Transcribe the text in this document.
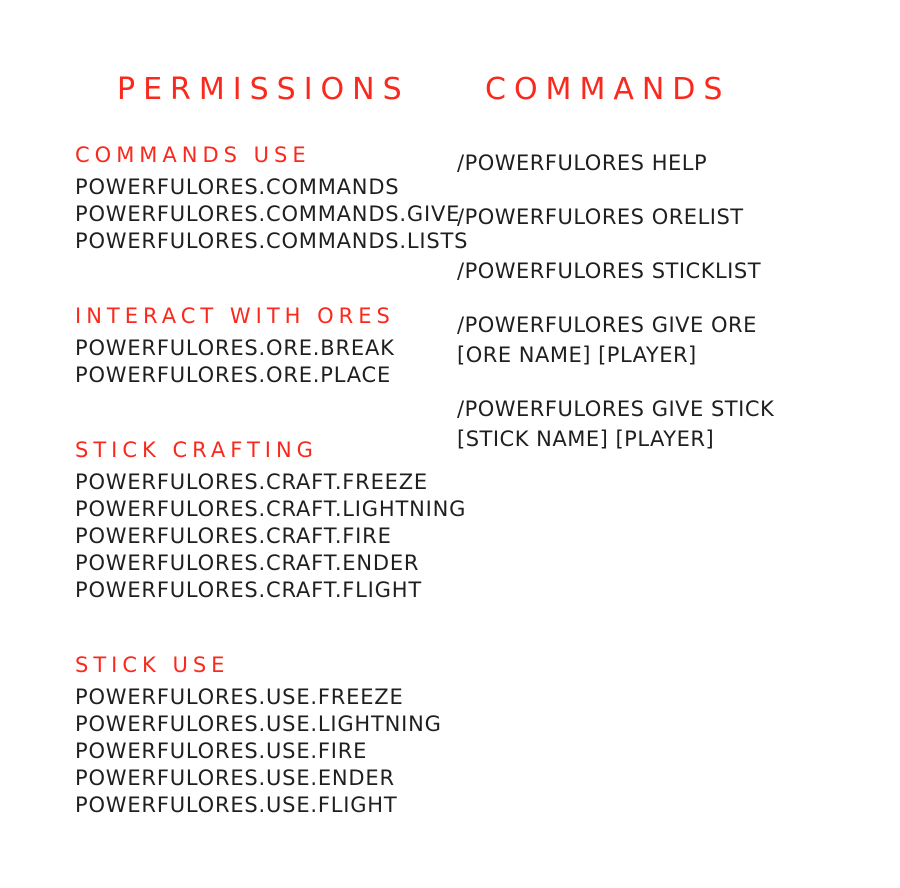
PERMISSIONS
COMMANDS USE
POWERFULORES.COMMANDS
POWERFULORES.COMMANDS.GIVE
POWERFULORES.COMMANDS.LISTS
INTERACT WITH ORES
POWERFULORES.ORE.BREAK
POWERFULORES.ORE.PLACE
STICK CRAFTING
POWERFULORES.CRAFT.FREEZE
POWERFULORES.CRAFT.LIGHTNING
POWERFULORES.CRAFT.FIRE
POWERFULORES.CRAFT.ENDER
POWERFULORES.CRAFT.FLIGHT
STICK USE
POWERFULORES.USE.FREEZE
POWERFULORES.USE.LIGHTNING
POWERFULORES.USE.FIRE
POWERFULORES.USE.ENDER
POWERFULORES.USE.FLIGHT
COMMANDS
/POWERFULORES HELP
/POWERFULORES ORELIST
/POWERFULORES STICKLIST
/POWERFULORES GIVE ORE [ORE NAME] [PLAYER]
/POWERFULORES GIVE STICK [STICK NAME] [PLAYER]
